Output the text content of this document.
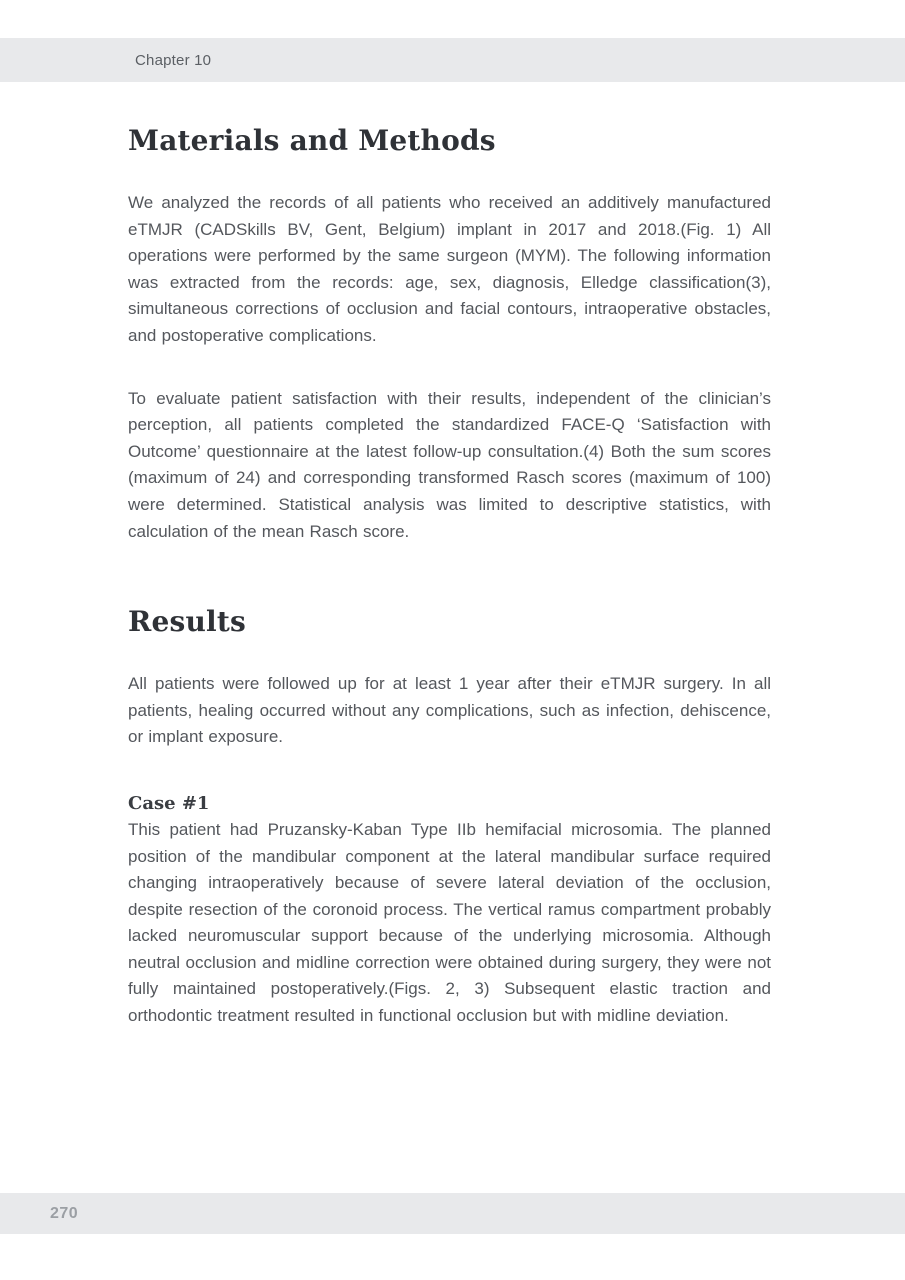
Chapter 10
Materials and Methods

We analyzed the records of all patients who received an additively manufactured eTMJR (CADSkills BV, Gent, Belgium) implant in 2017 and 2018.(Fig. 1) All operations were performed by the same surgeon (MYM). The following information was extracted from the records: age, sex, diagnosis, Elledge classification(3), simultaneous corrections of occlusion and facial contours, intraoperative obstacles, and postoperative complications.

To evaluate patient satisfaction with their results, independent of the clinician’s perception, all patients completed the standardized FACE-Q ‘Satisfaction with Outcome’ questionnaire at the latest follow-up consultation.(4) Both the sum scores (maximum of 24) and corresponding transformed Rasch scores (maximum of 100) were determined. Statistical analysis was limited to descriptive statistics, with calculation of the mean Rasch score.

Results

All patients were followed up for at least 1 year after their eTMJR surgery. In all patients, healing occurred without any complications, such as infection, dehiscence, or implant exposure.

Case #1

This patient had Pruzansky-Kaban Type IIb hemifacial microsomia. The planned position of the mandibular component at the lateral mandibular surface required changing intraoperatively because of severe lateral deviation of the occlusion, despite resection of the coronoid process. The vertical ramus compartment probably lacked neuromuscular support because of the underlying microsomia. Although neutral occlusion and midline correction were obtained during surgery, they were not fully maintained postoperatively.(Figs. 2, 3) Subsequent elastic traction and orthodontic treatment resulted in functional occlusion but with midline deviation.

270
